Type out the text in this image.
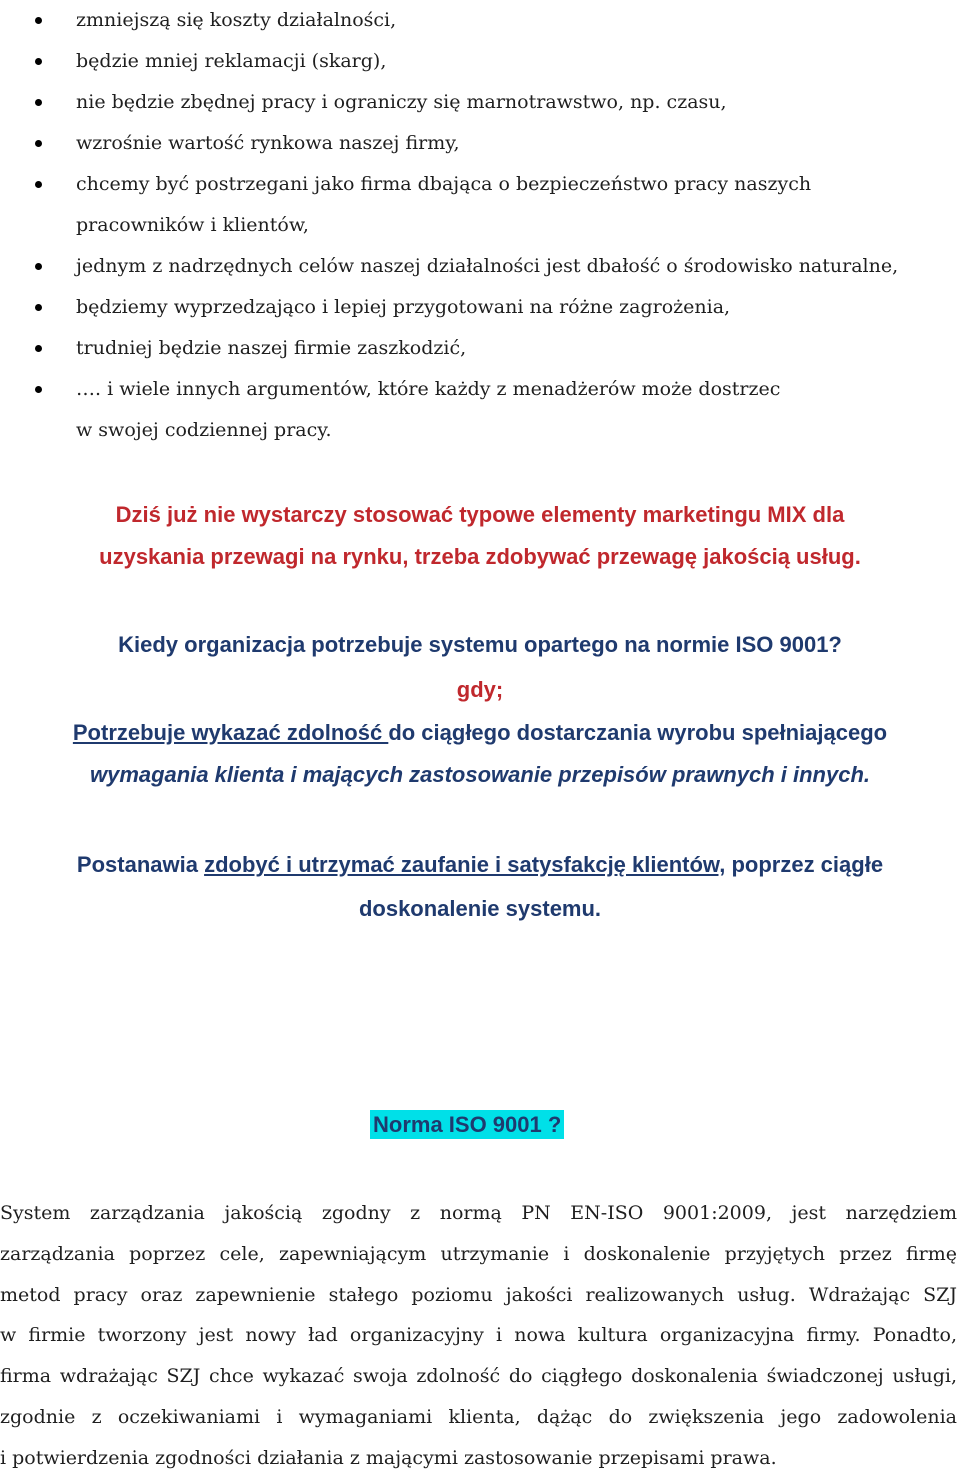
zmniejszą się koszty działalności,
będzie mniej reklamacji (skarg),
nie będzie zbędnej pracy i ograniczy się marnotrawstwo, np. czasu,
wzrośnie wartość rynkowa naszej firmy,
chcemy być postrzegani jako firma dbająca o bezpieczeństwo pracy naszych
pracowników i klientów,
jednym z nadrzędnych celów naszej działalności jest dbałość o środowisko naturalne,
będziemy wyprzedzająco i lepiej przygotowani na różne zagrożenia,
trudniej będzie naszej firmie zaszkodzić,
…. i wiele innych argumentów, które każdy z menadżerów może dostrzec
w swojej codziennej pracy.
Dziś już nie wystarczy stosować typowe elementy marketingu MIX dla
uzyskania przewagi na rynku, trzeba zdobywać przewagę jakością usług.
Kiedy organizacja potrzebuje systemu opartego na normie ISO 9001?
gdy;
Potrzebuje wykazać zdolność do ciągłego dostarczania wyrobu spełniającego
wymagania klienta i mających zastosowanie przepisów prawnych i innych.
Postanawia zdobyć i utrzymać zaufanie i satysfakcję klientów, poprzez ciągłe
doskonalenie systemu.
Norma ISO 9001 ?
System zarządzania jakością zgodny z normą PN EN-ISO 9001:2009, jest narzędziem
zarządzania poprzez cele, zapewniającym utrzymanie i doskonalenie przyjętych przez firmę
metod pracy oraz zapewnienie stałego poziomu jakości realizowanych usług. Wdrażając SZJ
w firmie tworzony jest nowy ład organizacyjny i nowa kultura organizacyjna firmy. Ponadto,
firma wdrażając SZJ chce wykazać swoja zdolność do ciągłego doskonalenia świadczonej usługi,
zgodnie z oczekiwaniami i wymaganiami klienta, dążąc do zwiększenia jego zadowolenia
i potwierdzenia zgodności działania z mającymi zastosowanie przepisami prawa.
